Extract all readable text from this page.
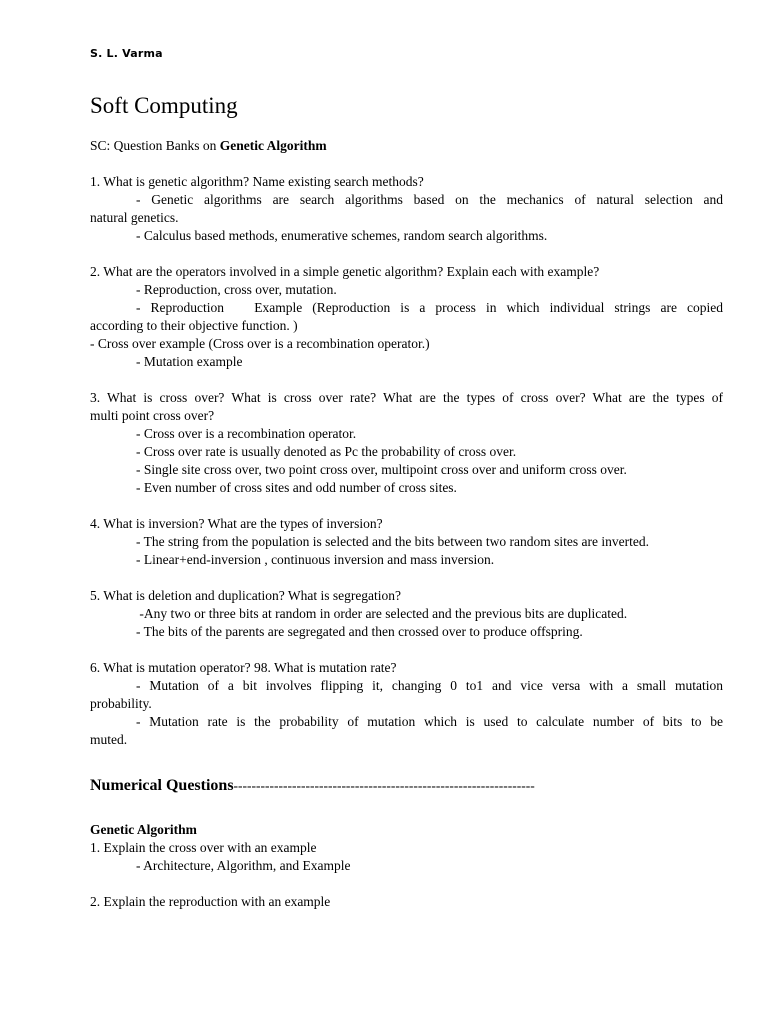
S. L. Varma
Soft Computing
SC: Question Banks on Genetic Algorithm
1. What is genetic algorithm? Name existing search methods?
- Genetic algorithms are search algorithms based on the mechanics of natural selection and
natural genetics.
- Calculus based methods, enumerative schemes, random search algorithms.
2. What are the operators involved in a simple genetic algorithm? Explain each with example?
- Reproduction, cross over, mutation.
- Reproduction   Example (Reproduction is a process in which individual strings are copied
according to their objective function. )
- Cross over example (Cross over is a recombination operator.)
- Mutation example
3. What is cross over? What is cross over rate? What are the types of cross over? What are the types of
multi point cross over?
- Cross over is a recombination operator.
- Cross over rate is usually denoted as Pc the probability of cross over.
- Single site cross over, two point cross over, multipoint cross over and uniform cross over.
- Even number of cross sites and odd number of cross sites.
4. What is inversion? What are the types of inversion?
- The string from the population is selected and the bits between two random sites are inverted.
- Linear+end-inversion , continuous inversion and mass inversion.
5. What is deletion and duplication? What is segregation?
-Any two or three bits at random in order are selected and the previous bits are duplicated.
- The bits of the parents are segregated and then crossed over to produce offspring.
6. What is mutation operator? 98. What is mutation rate?
- Mutation of a bit involves flipping it, changing 0 to1 and vice versa with a small mutation
probability.
- Mutation rate is the probability of mutation which is used to calculate number of bits to be
muted.
Numerical Questions-------------------------------------------------------------------
Genetic Algorithm
1. Explain the cross over with an example
- Architecture, Algorithm, and Example
2. Explain the reproduction with an example
